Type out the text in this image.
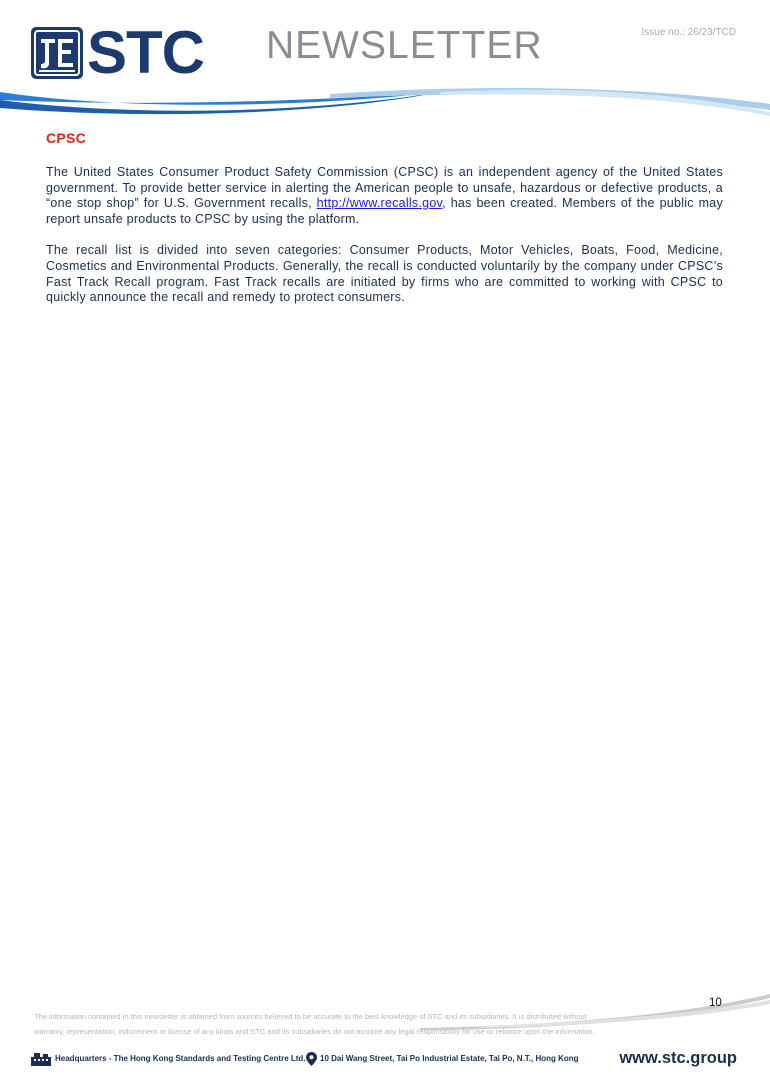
STC NEWSLETTER	Issue no.: 26/23/TCD
CPSC

The United States Consumer Product Safety Commission (CPSC) is an independent agency of the United States government. To provide better service in alerting the American people to unsafe, hazardous or defective products, a “one stop shop” for U.S. Government recalls, http://www.recalls.gov, has been created. Members of the public may report unsafe products to CPSC by using the platform.

The recall list is divided into seven categories: Consumer Products, Motor Vehicles, Boats, Food, Medicine, Cosmetics and Environmental Products. Generally, the recall is conducted voluntarily by the company under CPSC’s Fast Track Recall program. Fast Track recalls are initiated by firms who are committed to working with CPSC to quickly announce the recall and remedy to protect consumers.

10
The information contained in this newsletter is obtained from sources believed to be accurate to the best knowledge of STC and its subsidiaries. It is distributed without
warranty, representation, inducement or license of any kinds and STC and its subsidiaries do not assume any legal responsibility for use or reliance upon the information.
Headquarters - The Hong Kong Standards and Testing Centre Ltd. 10 Dai Wang Street, Tai Po Industrial Estate, Tai Po, N.T., Hong Kong www.stc.group
